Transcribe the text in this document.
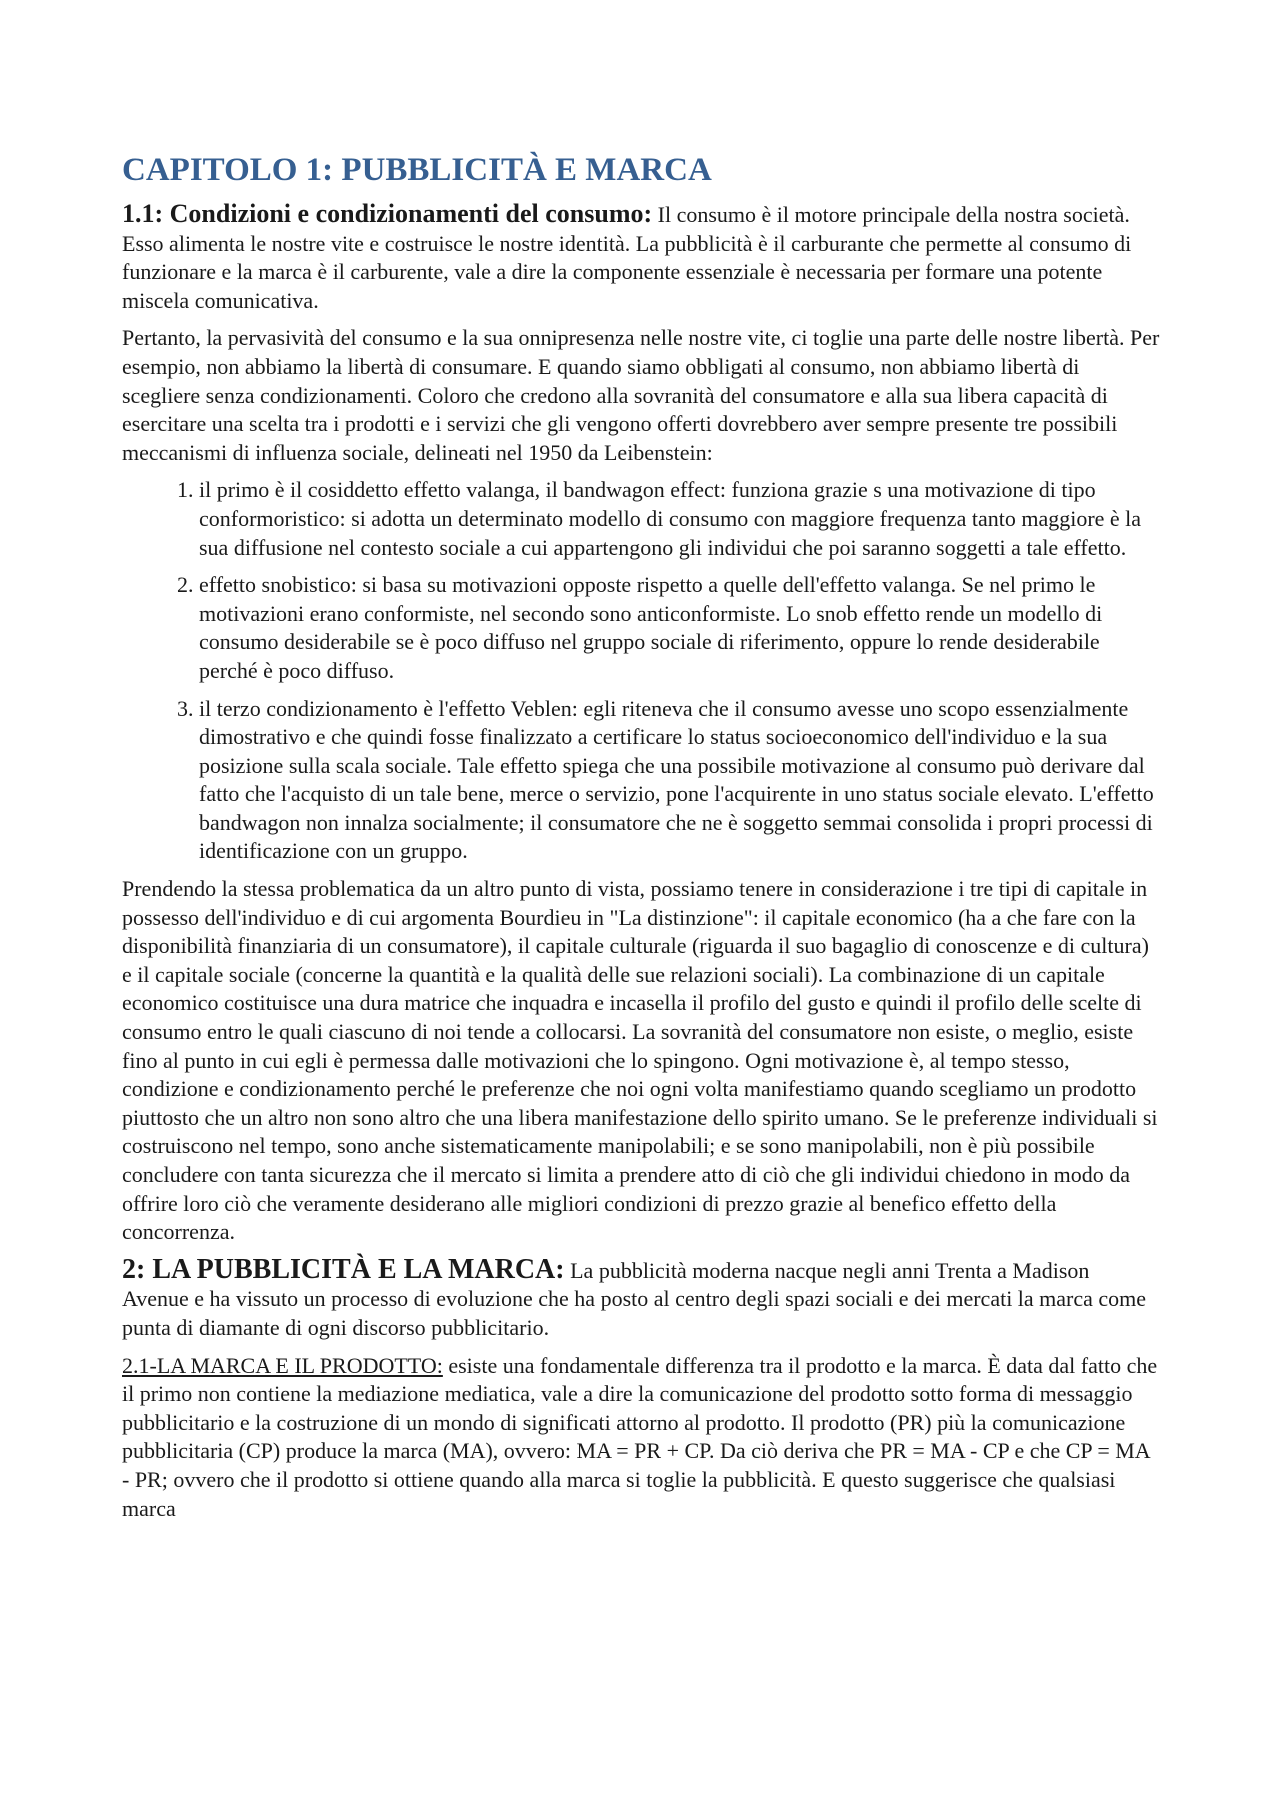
CAPITOLO 1: PUBBLICITÀ E MARCA

1.1: Condizioni e condizionamenti del consumo: Il consumo è il motore principale della nostra società. Esso alimenta le nostre vite e costruisce le nostre identità. La pubblicità è il carburante che permette al consumo di funzionare e la marca è il carburente, vale a dire la componente essenziale è necessaria per formare una potente miscela comunicativa.

Pertanto, la pervasività del consumo e la sua onnipresenza nelle nostre vite, ci toglie una parte delle nostre libertà. Per esempio, non abbiamo la libertà di consumare. E quando siamo obbligati al consumo, non abbiamo libertà di scegliere senza condizionamenti. Coloro che credono alla sovranità del consumatore e alla sua libera capacità di esercitare una scelta tra i prodotti e i servizi che gli vengono offerti dovrebbero aver sempre presente tre possibili meccanismi di influenza sociale, delineati nel 1950 da Leibenstein:

1. il primo è il cosiddetto effetto valanga, il bandwagon effect: funziona grazie s una motivazione di tipo conformoristico: si adotta un determinato modello di consumo con maggiore frequenza tanto maggiore è la sua diffusione nel contesto sociale a cui appartengono gli individui che poi saranno soggetti a tale effetto.
2. effetto snobistico: si basa su motivazioni opposte rispetto a quelle dell'effetto valanga. Se nel primo le motivazioni erano conformiste, nel secondo sono anticonformiste. Lo snob effetto rende un modello di consumo desiderabile se è poco diffuso nel gruppo sociale di riferimento, oppure lo rende desiderabile perché è poco diffuso.
3. il terzo condizionamento è l'effetto Veblen: egli riteneva che il consumo avesse uno scopo essenzialmente dimostrativo e che quindi fosse finalizzato a certificare lo status socioeconomico dell'individuo e la sua posizione sulla scala sociale. Tale effetto spiega che una possibile motivazione al consumo può derivare dal fatto che l'acquisto di un tale bene, merce o servizio, pone l'acquirente in uno status sociale elevato. L'effetto bandwagon non innalza socialmente; il consumatore che ne è soggetto semmai consolida i propri processi di identificazione con un gruppo.

Prendendo la stessa problematica da un altro punto di vista, possiamo tenere in considerazione i tre tipi di capitale in possesso dell'individuo e di cui argomenta Bourdieu in "La distinzione": il capitale economico (ha a che fare con la disponibilità finanziaria di un consumatore), il capitale culturale (riguarda il suo bagaglio di conoscenze e di cultura) e il capitale sociale (concerne la quantità e la qualità delle sue relazioni sociali). La combinazione di un capitale economico costituisce una dura matrice che inquadra e incasella il profilo del gusto e quindi il profilo delle scelte di consumo entro le quali ciascuno di noi tende a collocarsi. La sovranità del consumatore non esiste, o meglio, esiste fino al punto in cui egli è permessa dalle motivazioni che lo spingono. Ogni motivazione è, al tempo stesso, condizione e condizionamento perché le preferenze che noi ogni volta manifestiamo quando scegliamo un prodotto piuttosto che un altro non sono altro che una libera manifestazione dello spirito umano. Se le preferenze individuali si costruiscono nel tempo, sono anche sistematicamente manipolabili; e se sono manipolabili, non è più possibile concludere con tanta sicurezza che il mercato si limita a prendere atto di ciò che gli individui chiedono in modo da offrire loro ciò che veramente desiderano alle migliori condizioni di prezzo grazie al benefico effetto della concorrenza.

2: LA PUBBLICITÀ E LA MARCA: La pubblicità moderna nacque negli anni Trenta a Madison Avenue e ha vissuto un processo di evoluzione che ha posto al centro degli spazi sociali e dei mercati la marca come punta di diamante di ogni discorso pubblicitario.

2.1-LA MARCA E IL PRODOTTO: esiste una fondamentale differenza tra il prodotto e la marca. È data dal fatto che il primo non contiene la mediazione mediatica, vale a dire la comunicazione del prodotto sotto forma di messaggio pubblicitario e la costruzione di un mondo di significati attorno al prodotto. Il prodotto (PR) più la comunicazione pubblicitaria (CP) produce la marca (MA), ovvero: MA = PR + CP. Da ciò deriva che PR = MA - CP e che CP = MA - PR; ovvero che il prodotto si ottiene quando alla marca si toglie la pubblicità. E questo suggerisce che qualsiasi marca
